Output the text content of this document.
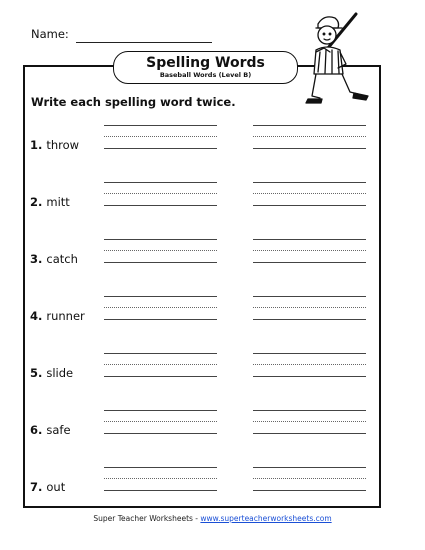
Name:
Spelling Words
Baseball Words (Level B)
Write each spelling word twice.
1. throw
2. mitt
3. catch
4. runner
5. slide
6. safe
7. out
Super Teacher Worksheets - www.superteacherworksheets.com
